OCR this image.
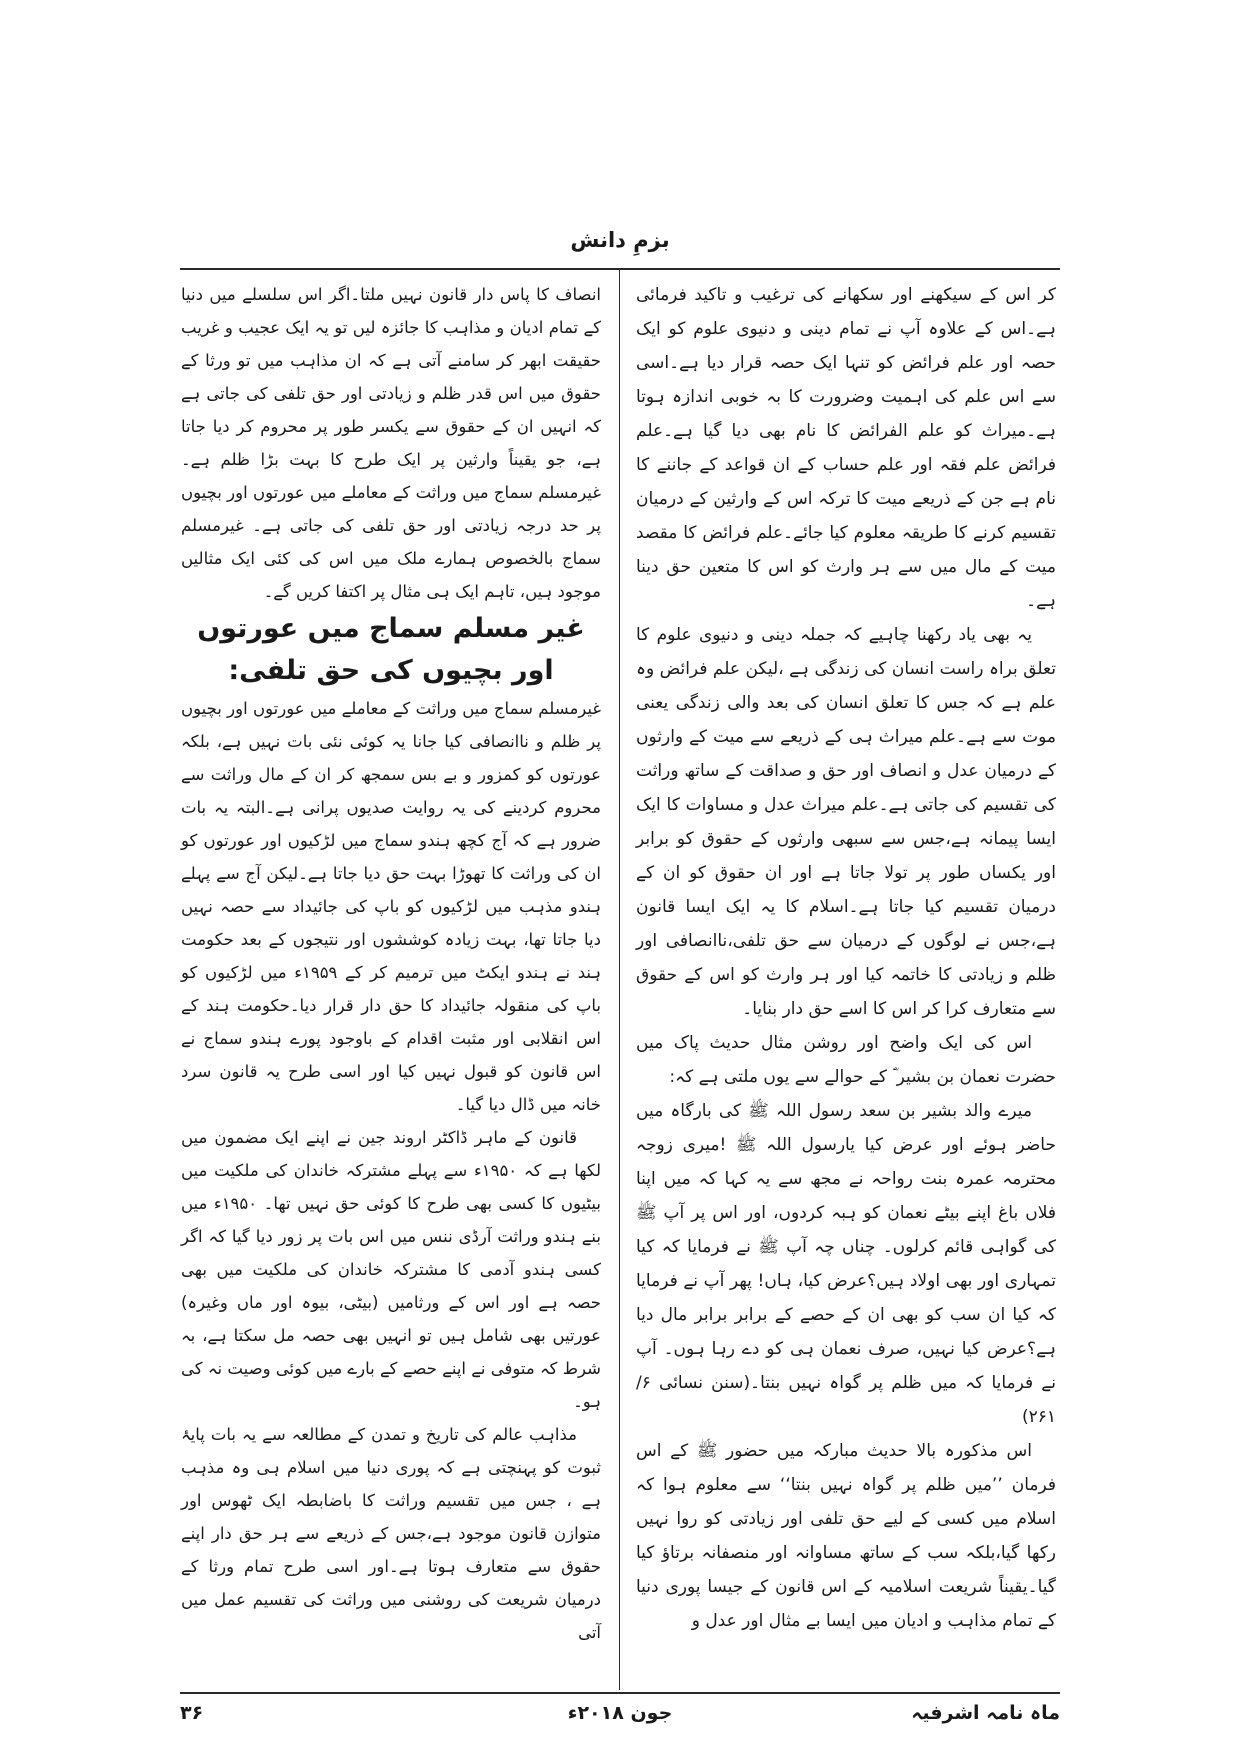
بزمِ دانش

کر اس کے سیکھنے اور سکھانے کی ترغیب و تاکید فرمائی ہے۔اس کے علاوہ آپ نے تمام دینی و دنیوی علوم کو ایک حصہ اور علم فرائض کو تنہا ایک حصہ قرار دیا ہے۔اسی سے اس علم کی اہمیت وضرورت کا بہ خوبی اندازہ ہوتا ہے۔میراث کو علم الفرائض کا نام بھی دیا گیا ہے۔علم فرائض علم فقہ اور علم حساب کے ان قواعد کے جاننے کا نام ہے جن کے ذریعے میت کا ترکہ اس کے وارثین کے درمیان تقسیم کرنے کا طریقہ معلوم کیا جائے۔علم فرائض کا مقصد میت کے مال میں سے ہر وارث کو اس کا متعین حق دینا ہے۔

یہ بھی یاد رکھنا چاہیے کہ جملہ دینی و دنیوی علوم کا تعلق براہ راست انسان کی زندگی ہے ،لیکن علم فرائض وہ علم ہے کہ جس کا تعلق انسان کی بعد والی زندگی یعنی موت سے ہے۔علم میراث ہی کے ذریعے سے میت کے وارثوں کے درمیان عدل و انصاف اور حق و صداقت کے ساتھ وراثت کی تقسیم کی جاتی ہے۔علم میراث عدل و مساوات کا ایک ایسا پیمانہ ہے،جس سے سبھی وارثوں کے حقوق کو برابر اور یکساں طور پر تولا جاتا ہے اور ان حقوق کو ان کے درمیان تقسیم کیا جاتا ہے۔اسلام کا یہ ایک ایسا قانون ہے،جس نے لوگوں کے درمیان سے حق تلفی،ناانصافی اور ظلم و زیادتی کا خاتمہ کیا اور ہر وارث کو اس کے حقوق سے متعارف کرا کر اس کا اسے حق دار بنایا۔

اس کی ایک واضح اور روشن مثال حدیث پاک میں حضرت نعمان بن بشیر ؓ کے حوالے سے یوں ملتی ہے کہ:

میرے والد بشیر بن سعد رسول اللہ ﷺ کی بارگاہ میں حاضر ہوئے اور عرض کیا یارسول اللہ ﷺ !میری زوجہ محترمہ عمرہ بنت رواحہ نے مجھ سے یہ کہا کہ میں اپنا فلاں باغ اپنے بیٹے نعمان کو ہبہ کردوں، اور اس پر آپ ﷺ کی گواہی قائم کرلوں۔ چناں چہ آپ ﷺ نے فرمایا کہ کیا تمہاری اور بھی اولاد ہیں؟عرض کیا، ہاں! پھر آپ نے فرمایا کہ کیا ان سب کو بھی ان کے حصے کے برابر برابر مال دیا ہے؟عرض کیا نہیں، صرف نعمان ہی کو دے رہا ہوں۔ آپ نے فرمایا کہ میں ظلم پر گواہ نہیں بنتا۔(سنن نسائی ۶/ ۲۶۱)

اس مذکورہ بالا حدیث مبارکہ میں حضور ﷺ کے اس فرمان ’’میں ظلم پر گواہ نہیں بنتا‘‘ سے معلوم ہوا کہ اسلام میں کسی کے لیے حق تلفی اور زیادتی کو روا نہیں رکھا گیا،بلکہ سب کے ساتھ مساوانہ اور منصفانہ برتاؤ کیا گیا۔یقیناً شریعت اسلامیہ کے اس قانون کے جیسا پوری دنیا کے تمام مذاہب و ادیان میں ایسا بے مثال اور عدل و

انصاف کا پاس دار قانون نہیں ملتا۔اگر اس سلسلے میں دنیا کے تمام ادیان و مذاہب کا جائزہ لیں تو یہ ایک عجیب و غریب حقیقت ابھر کر سامنے آتی ہے کہ ان مذاہب میں تو ورثا کے حقوق میں اس قدر ظلم و زیادتی اور حق تلفی کی جاتی ہے کہ انہیں ان کے حقوق سے یکسر طور پر محروم کر دیا جاتا ہے، جو یقیناً وارثین پر ایک طرح کا بہت بڑا ظلم ہے۔غیرمسلم سماج میں وراثت کے معاملے میں عورتوں اور بچیوں پر حد درجہ زیادتی اور حق تلفی کی جاتی ہے۔ غیرمسلم سماج بالخصوص ہمارے ملک میں اس کی کئی ایک مثالیں موجود ہیں، تاہم ایک ہی مثال پر اکتفا کریں گے۔

غیر مسلم سماج میں عورتوں اور بچیوں کی حق تلفی:

غیرمسلم سماج میں وراثت کے معاملے میں عورتوں اور بچیوں پر ظلم و ناانصافی کیا جانا یہ کوئی نئی بات نہیں ہے، بلکہ عورتوں کو کمزور و بے بس سمجھ کر ان کے مال وراثت سے محروم کردینے کی یہ روایت صدیوں پرانی ہے۔البتہ یہ بات ضرور ہے کہ آج کچھ ہندو سماج میں لڑکیوں اور عورتوں کو ان کی وراثت کا تھوڑا بہت حق دیا جاتا ہے۔لیکن آج سے پہلے ہندو مذہب میں لڑکیوں کو باپ کی جائیداد سے حصہ نہیں دیا جاتا تھا، بہت زیادہ کوششوں اور نتیجوں کے بعد حکومت ہند نے ہندو ایکٹ میں ترمیم کر کے ۱۹۵۹ء میں لڑکیوں کو باپ کی منقولہ جائیداد کا حق دار قرار دیا۔حکومت ہند کے اس انقلابی اور مثبت اقدام کے باوجود پورے ہندو سماج نے اس قانون کو قبول نہیں کیا اور اسی طرح یہ قانون سرد خانہ میں ڈال دیا گیا۔

قانون کے ماہر ڈاکٹر اروند جین نے اپنے ایک مضمون میں لکھا ہے کہ ۱۹۵۰ء سے پہلے مشترکہ خاندان کی ملکیت میں بیٹیوں کا کسی بھی طرح کا کوئی حق نہیں تھا۔ ۱۹۵۰ء میں بنے ہندو وراثت آرڈی ننس میں اس بات پر زور دیا گیا کہ اگر کسی ہندو آدمی کا مشترکہ خاندان کی ملکیت میں بھی حصہ ہے اور اس کے ورثامیں (بیٹی، بیوہ اور ماں وغیرہ) عورتیں بھی شامل ہیں تو انہیں بھی حصہ مل سکتا ہے، بہ شرط کہ متوفی نے اپنے حصے کے بارے میں کوئی وصیت نہ کی ہو۔

مذاہب عالم کی تاریخ و تمدن کے مطالعہ سے یہ بات پایۂ ثبوت کو پہنچتی ہے کہ پوری دنیا میں اسلام ہی وہ مذہب ہے ، جس میں تقسیم وراثت کا باضابطہ ایک ٹھوس اور متوازن قانون موجود ہے،جس کے ذریعے سے ہر حق دار اپنے حقوق سے متعارف ہوتا ہے۔اور اسی طرح تمام ورثا کے درمیان شریعت کی روشنی میں وراثت کی تقسیم عمل میں آتی

ماہ نامہ اشرفیہ
جون ۲۰۱۸ء
۳۶
